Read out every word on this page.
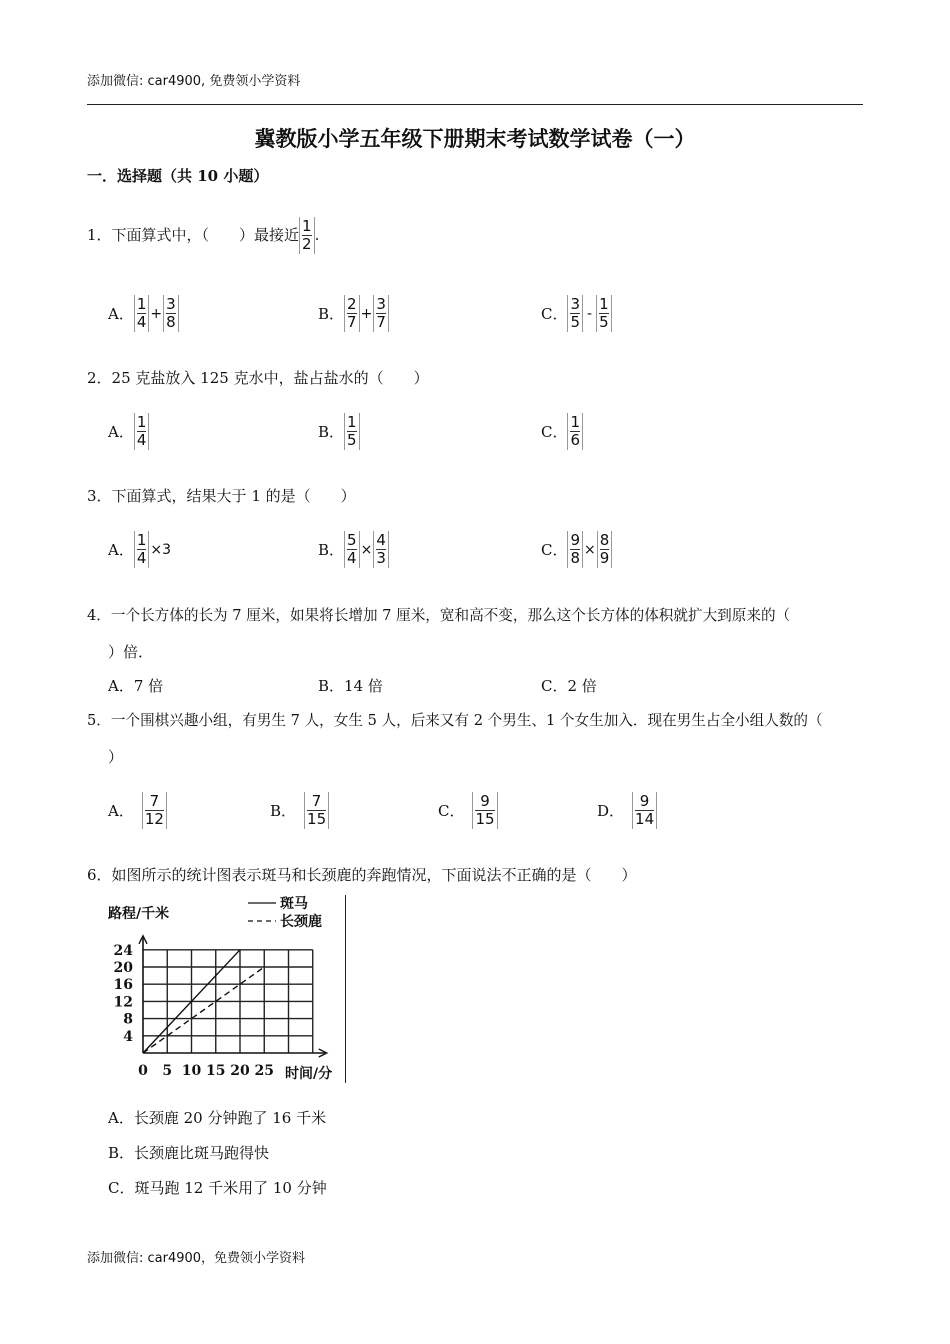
添加微信: car4900, 免费领小学资料
冀教版小学五年级下册期末考试数学试卷（一）
一．选择题（共 10 小题）
1．下面算式中，（　　）最接近 $\frac{1}{2}$ .
A． $\frac{1}{4} + \frac{3}{8}$	B． $\frac{2}{7} + \frac{3}{7}$	C． $\frac{3}{5} - \frac{1}{5}$
2．25 克盐放入 125 克水中，盐占盐水的（　　）
A． $\frac{1}{4}$	B． $\frac{1}{5}$	C． $\frac{1}{6}$
3．下面算式，结果大于 1 的是（　　）
A． $\frac{1}{4} \times 3$	B． $\frac{5}{4} \times \frac{4}{3}$	C． $\frac{9}{8} \times \frac{8}{9}$
4．一个长方体的长为 7 厘米，如果将长增加 7 厘米，宽和高不变，那么这个长方体的体积就扩大到原来的（
）倍．
A．7 倍	B．14 倍	C．2 倍
5．一个围棋兴趣小组，有男生 7 人，女生 5 人，后来又有 2 个男生、1 个女生加入．现在男生占全小组人数的（
）
A． $\frac{7}{12}$	B． $\frac{7}{15}$	C． $\frac{9}{15}$	D． $\frac{9}{14}$
6．如图所示的统计图表示斑马和长颈鹿的奔跑情况，下面说法不正确的是（　　）
路程/千米
时间/分
斑马
长颈鹿
4
8
12
16
20
24
0 5 10 15 20 25
A．长颈鹿 20 分钟跑了 16 千米
B．长颈鹿比斑马跑得快
C．斑马跑 12 千米用了 10 分钟
添加微信: car4900，免费领小学资料
